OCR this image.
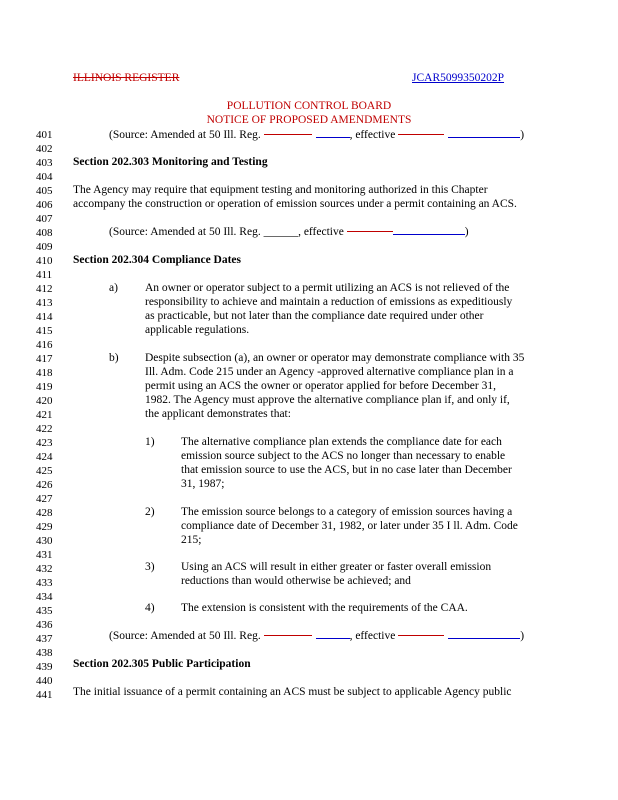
ILLINOIS REGISTER	JCAR5099350202P
POLLUTION CONTROL BOARD
NOTICE OF PROPOSED AMENDMENTS
401
402
403
404
405
406
407
408
409
410
411
412
413
414
415
416
417
418
419
420
421
422
423
424
425
426
427
428
429
430
431
432
433
434
435
436
437
438
439
440
441
(Source: Amended at 50 Ill. Reg.	, effective	)
Section 202.303 Monitoring and Testing
The Agency may require that equipment testing and monitoring authorized in this Chapter
accompany the construction or operation of emission sources under a permit containing an ACS.
(Source: Amended at 50 Ill. Reg. ______, effective	)
Section 202.304 Compliance Dates
a) An owner or operator subject to a permit utilizing an ACS is not relieved of the
responsibility to achieve and maintain a reduction of emissions as expeditiously
as practicable, but not later than the compliance date required under other
applicable regulations.
b) Despite subsection (a), an owner or operator may demonstrate compliance with 35
Ill. Adm. Code 215 under an Agency -approved alternative compliance plan in a
permit using an ACS the owner or operator applied for before December 31,
1982. The Agency must approve the alternative compliance plan if, and only if,
the applicant demonstrates that:
1) The alternative compliance plan extends the compliance date for each
emission source subject to the ACS no longer than necessary to enable
that emission source to use the ACS, but in no case later than December
31, 1987;
2) The emission source belongs to a category of emission sources having a
compliance date of December 31, 1982, or later under 35 I ll. Adm. Code
215;
3) Using an ACS will result in either greater or faster overall emission
reductions than would otherwise be achieved; and
4) The extension is consistent with the requirements of the CAA.
(Source: Amended at 50 Ill. Reg.	, effective	)
Section 202.305 Public Participation
The initial issuance of a permit containing an ACS must be subject to applicable Agency public
